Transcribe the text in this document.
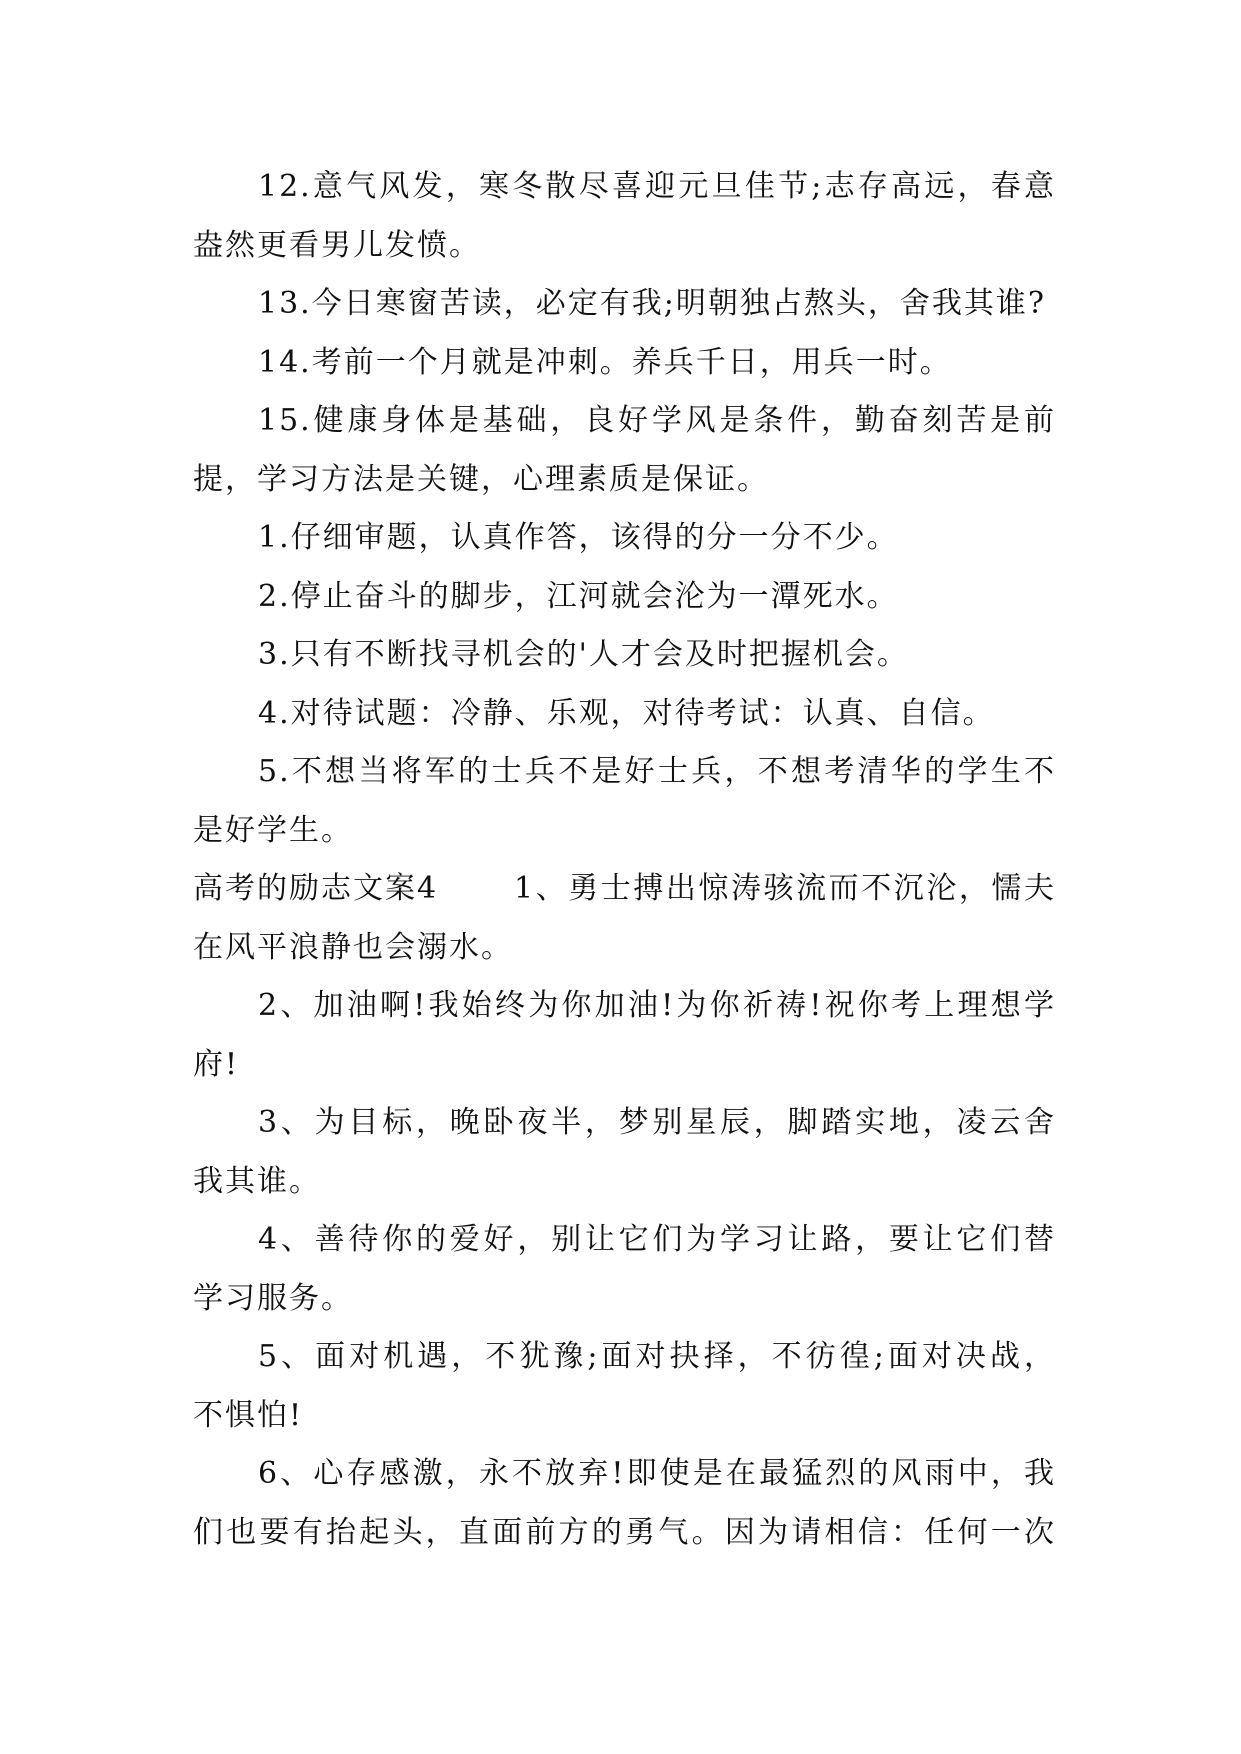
12.意气风发，寒冬散尽喜迎元旦佳节;志存高远，春意
盎然更看男儿发愤。
13.今日寒窗苦读，必定有我;明朝独占熬头，舍我其谁?
14.考前一个月就是冲刺。养兵千日，用兵一时。
15.健康身体是基础，良好学风是条件，勤奋刻苦是前
提，学习方法是关键，心理素质是保证。
1.仔细审题，认真作答，该得的分一分不少。
2.停止奋斗的脚步，江河就会沦为一潭死水。
3.只有不断找寻机会的'人才会及时把握机会。
4.对待试题：冷静、乐观，对待考试：认真、自信。
5.不想当将军的士兵不是好士兵，不想考清华的学生不
是好学生。
高考的励志文案4	1、勇士搏出惊涛骇流而不沉沦，懦夫
在风平浪静也会溺水。
2、加油啊!我始终为你加油!为你祈祷!祝你考上理想学
府!
3、为目标，晚卧夜半，梦别星辰，脚踏实地，凌云舍
我其谁。
4、善待你的爱好，别让它们为学习让路，要让它们替
学习服务。
5、面对机遇，不犹豫;面对抉择，不彷徨;面对决战，
不惧怕!
6、心存感激，永不放弃!即使是在最猛烈的风雨中，我
们也要有抬起头，直面前方的勇气。因为请相信：任何一次
